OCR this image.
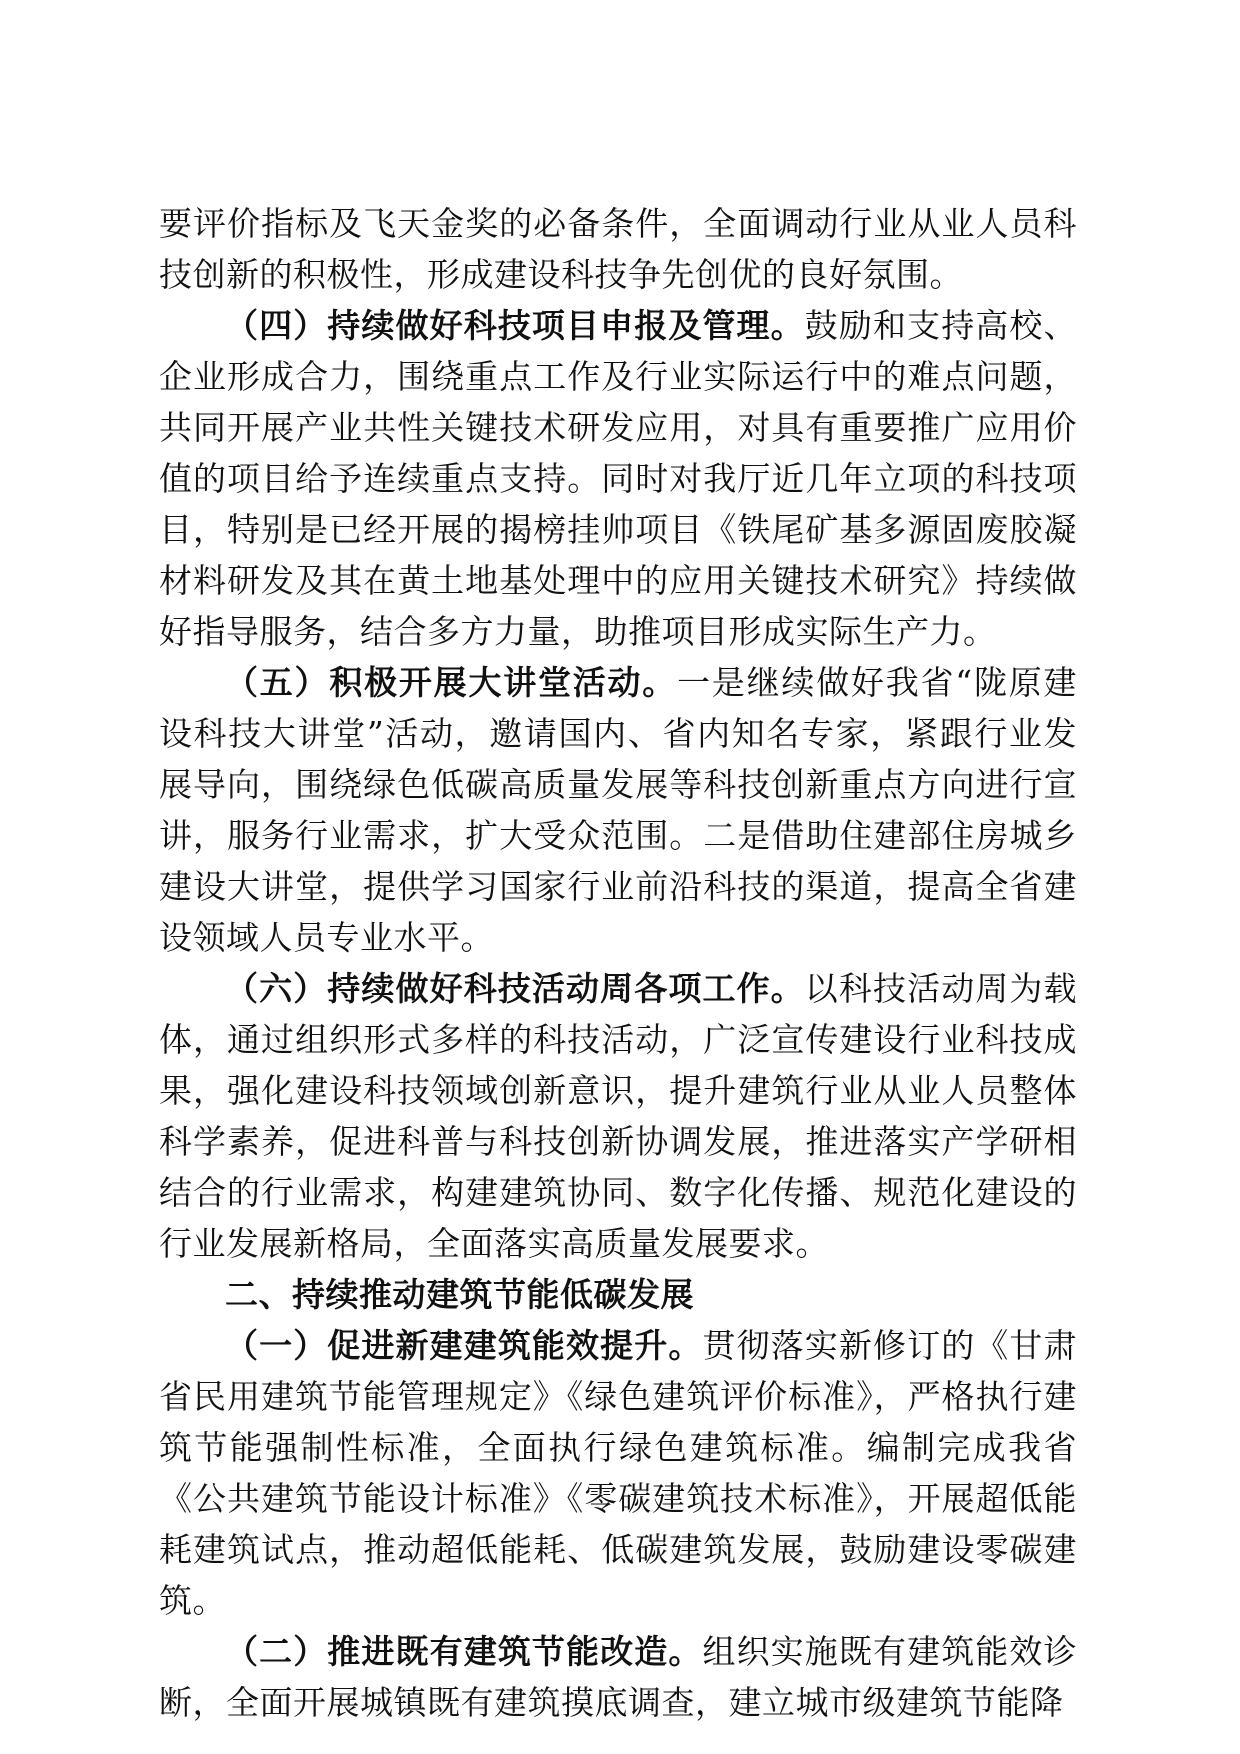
要评价指标及飞天金奖的必备条件，全面调动行业从业人员科技创新的积极性，形成建设科技争先创优的良好氛围。

（四）持续做好科技项目申报及管理。鼓励和支持高校、企业形成合力，围绕重点工作及行业实际运行中的难点问题，共同开展产业共性关键技术研发应用，对具有重要推广应用价值的项目给予连续重点支持。同时对我厅近几年立项的科技项目，特别是已经开展的揭榜挂帅项目《铁尾矿基多源固废胶凝材料研发及其在黄土地基处理中的应用关键技术研究》持续做好指导服务，结合多方力量，助推项目形成实际生产力。

（五）积极开展大讲堂活动。一是继续做好我省“陇原建设科技大讲堂”活动，邀请国内、省内知名专家，紧跟行业发展导向，围绕绿色低碳高质量发展等科技创新重点方向进行宣讲，服务行业需求，扩大受众范围。二是借助住建部住房城乡建设大讲堂，提供学习国家行业前沿科技的渠道，提高全省建设领域人员专业水平。

（六）持续做好科技活动周各项工作。以科技活动周为载体，通过组织形式多样的科技活动，广泛宣传建设行业科技成果，强化建设科技领域创新意识，提升建筑行业从业人员整体科学素养，促进科普与科技创新协调发展，推进落实产学研相结合的行业需求，构建建筑协同、数字化传播、规范化建设的行业发展新格局，全面落实高质量发展要求。

二、持续推动建筑节能低碳发展

（一）促进新建建筑能效提升。贯彻落实新修订的《甘肃省民用建筑节能管理规定》《绿色建筑评价标准》，严格执行建筑节能强制性标准，全面执行绿色建筑标准。编制完成我省《公共建筑节能设计标准》《零碳建筑技术标准》，开展超低能耗建筑试点，推动超低能耗、低碳建筑发展，鼓励建设零碳建筑。

（二）推进既有建筑节能改造。组织实施既有建筑能效诊断，全面开展城镇既有建筑摸底调查，建立城市级建筑节能降
